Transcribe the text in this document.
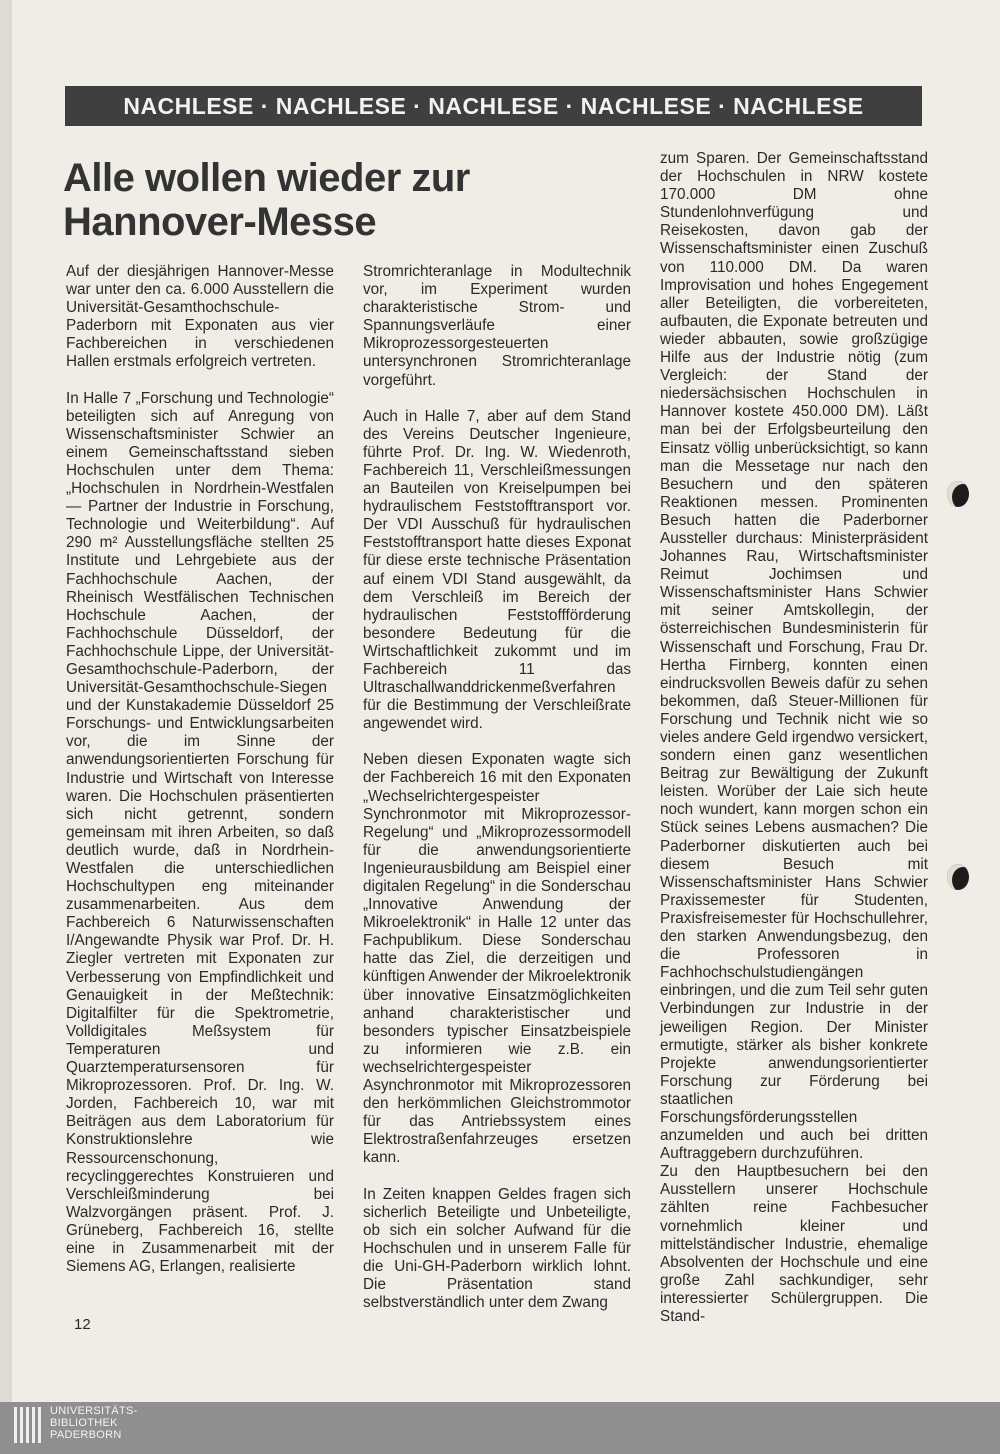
NACHLESE · NACHLESE · NACHLESE · NACHLESE · NACHLESE
Alle wollen wieder zur
Hannover-Messe

Auf der diesjährigen Hannover-Messe war unter den ca. 6.000 Ausstellern die Universität-Gesamthochschule-Paderborn mit Exponaten aus vier Fachbereichen in verschiedenen Hallen erstmals erfolgreich vertreten.

In Halle 7 „Forschung und Technologie“ beteiligten sich auf Anregung von Wissenschaftsminister Schwier an einem Gemeinschaftsstand sieben Hochschulen unter dem Thema: „Hochschulen in Nordrhein-Westfalen — Partner der Industrie in Forschung, Technologie und Weiterbildung“. Auf 290 m² Ausstellungsfläche stellten 25 Institute und Lehrgebiete aus der Fachhochschule Aachen, der Rheinisch Westfälischen Technischen Hochschule Aachen, der Fachhochschule Düsseldorf, der Fachhochschule Lippe, der Universität-Gesamthochschule-Paderborn, der Universität-Gesamthochschule-Siegen und der Kunstakademie Düsseldorf 25 Forschungs- und Entwicklungsarbeiten vor, die im Sinne der anwendungsorientierten Forschung für Industrie und Wirtschaft von Interesse waren. Die Hochschulen präsentierten sich nicht getrennt, sondern gemeinsam mit ihren Arbeiten, so daß deutlich wurde, daß in Nordrhein-Westfalen die unterschiedlichen Hochschultypen eng miteinander zusammenarbeiten. Aus dem Fachbereich 6 Naturwissenschaften I/Angewandte Physik war Prof. Dr. H. Ziegler vertreten mit Exponaten zur Verbesserung von Empfindlichkeit und Genauigkeit in der Meßtechnik: Digitalfilter für die Spektrometrie, Volldigitales Meßsystem für Temperaturen und Quarztemperatursensoren für Mikroprozessoren. Prof. Dr. Ing. W. Jorden, Fachbereich 10, war mit Beiträgen aus dem Laboratorium für Konstruktionslehre wie Ressourcenschonung, recyclinggerechtes Konstruieren und Verschleißminderung bei Walzvorgängen präsent. Prof. J. Grüneberg, Fachbereich 16, stellte eine in Zusammenarbeit mit der Siemens AG, Erlangen, realisierte

Stromrichteranlage in Modultechnik vor, im Experiment wurden charakteristische Strom- und Spannungsverläufe einer Mikroprozessorgesteuerten untersynchronen Stromrichteranlage vorgeführt.

Auch in Halle 7, aber auf dem Stand des Vereins Deutscher Ingenieure, führte Prof. Dr. Ing. W. Wiedenroth, Fachbereich 11, Verschleißmessungen an Bauteilen von Kreiselpumpen bei hydraulischem Feststofftransport vor. Der VDI Ausschuß für hydraulischen Feststofftransport hatte dieses Exponat für diese erste technische Präsentation auf einem VDI Stand ausgewählt, da dem Verschleiß im Bereich der hydraulischen Feststoffförderung besondere Bedeutung für die Wirtschaftlichkeit zukommt und im Fachbereich 11 das Ultraschallwanddrickenmeßverfahren für die Bestimmung der Verschleißrate angewendet wird.

Neben diesen Exponaten wagte sich der Fachbereich 16 mit den Exponaten „Wechselrichtergespeister Synchronmotor mit Mikroprozessor-Regelung“ und „Mikroprozessormodell für die anwendungsorientierte Ingenieurausbildung am Beispiel einer digitalen Regelung“ in die Sonderschau „Innovative Anwendung der Mikroelektronik“ in Halle 12 unter das Fachpublikum. Diese Sonderschau hatte das Ziel, die derzeitigen und künftigen Anwender der Mikroelektronik über innovative Einsatzmöglichkeiten anhand charakteristischer und besonders typischer Einsatzbeispiele zu informieren wie z.B. ein wechselrichtergespeister Asynchronmotor mit Mikroprozessoren den herkömmlichen Gleichstrommotor für das Antriebssystem eines Elektrostraßenfahrzeuges ersetzen kann.

In Zeiten knappen Geldes fragen sich sicherlich Beteiligte und Unbeteiligte, ob sich ein solcher Aufwand für die Hochschulen und in unserem Falle für die Uni-GH-Paderborn wirklich lohnt. Die Präsentation stand selbstverständlich unter dem Zwang

zum Sparen. Der Gemeinschaftsstand der Hochschulen in NRW kostete 170.000 DM ohne Stundenlohnverfügung und Reisekosten, davon gab der Wissenschaftsminister einen Zuschuß von 110.000 DM. Da waren Improvisation und hohes Engegement aller Beteiligten, die vorbereiteten, aufbauten, die Exponate betreuten und wieder abbauten, sowie großzügige Hilfe aus der Industrie nötig (zum Vergleich: der Stand der niedersächsischen Hochschulen in Hannover kostete 450.000 DM). Läßt man bei der Erfolgsbeurteilung den Einsatz völlig unberücksichtigt, so kann man die Messetage nur nach den Besuchern und den späteren Reaktionen messen. Prominenten Besuch hatten die Paderborner Aussteller durchaus: Ministerpräsident Johannes Rau, Wirtschaftsminister Reimut Jochimsen und Wissenschaftsminister Hans Schwier mit seiner Amtskollegin, der österreichischen Bundesministerin für Wissenschaft und Forschung, Frau Dr. Hertha Firnberg, konnten einen eindrucksvollen Beweis dafür zu sehen bekommen, daß Steuer-Millionen für Forschung und Technik nicht wie so vieles andere Geld irgendwo versickert, sondern einen ganz wesentlichen Beitrag zur Bewältigung der Zukunft leisten. Worüber der Laie sich heute noch wundert, kann morgen schon ein Stück seines Lebens ausmachen? Die Paderborner diskutierten auch bei diesem Besuch mit Wissenschaftsminister Hans Schwier Praxissemester für Studenten, Praxisfreisemester für Hochschullehrer, den starken Anwendungsbezug, den die Professoren in Fachhochschulstudiengängen einbringen, und die zum Teil sehr guten Verbindungen zur Industrie in der jeweiligen Region. Der Minister ermutigte, stärker als bisher konkrete Projekte anwendungsorientierter Forschung zur Förderung bei staatlichen Forschungsförderungsstellen anzumelden und auch bei dritten Auftraggebern durchzuführen.

Zu den Hauptbesuchern bei den Ausstellern unserer Hochschule zählten reine Fachbesucher vornehmlich kleiner und mittelständischer Industrie, ehemalige Absolventen der Hochschule und eine große Zahl sachkundiger, sehr interessierter Schülergruppen. Die Stand-

12
UNIVERSITÄTS-
BIBLIOTHEK
PADERBORN
